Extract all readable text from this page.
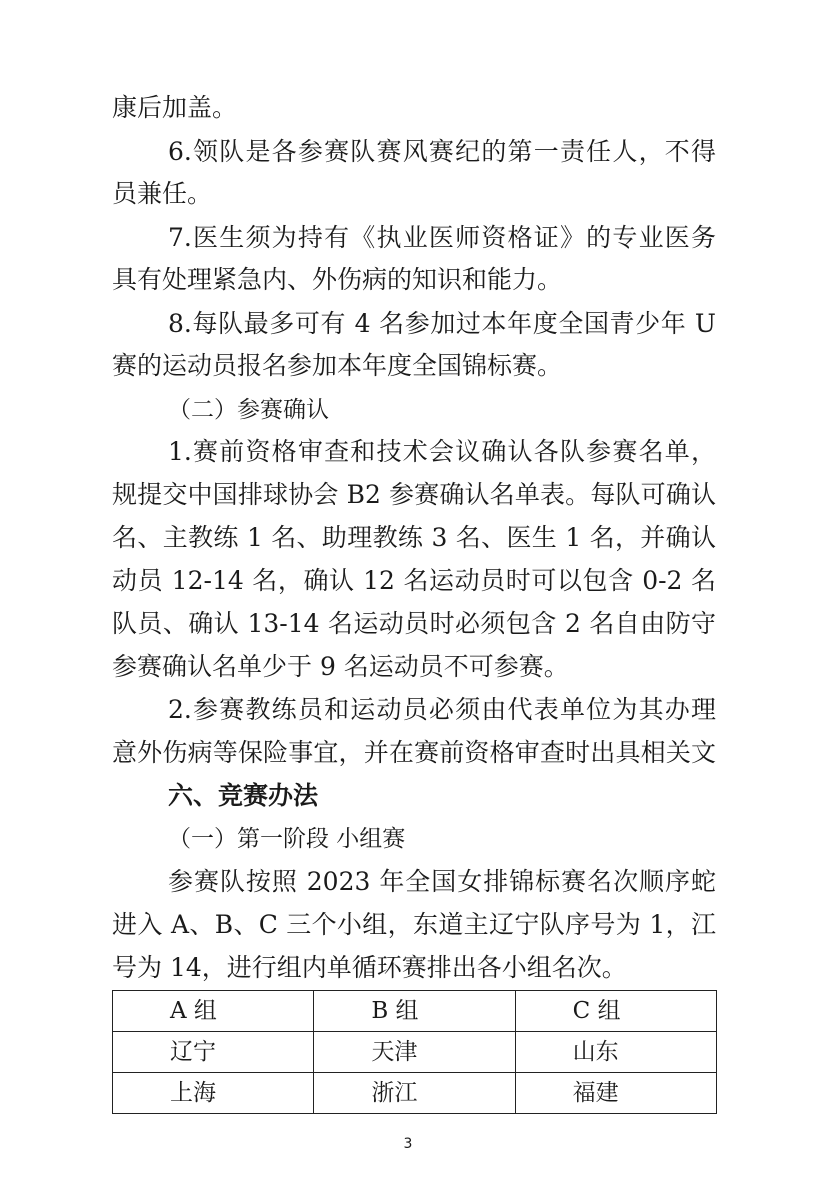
康后加盖。

6.领队是各参赛队赛风赛纪的第一责任人，不得

员兼任。

7.医生须为持有《执业医师资格证》的专业医务

具有处理紧急内、外伤病的知识和能力。

8.每队最多可有 4 名参加过本年度全国青少年 U

赛的运动员报名参加本年度全国锦标赛。

（二）参赛确认

1.赛前资格审查和技术会议确认各队参赛名单，

规提交中国排球协会 B2 参赛确认名单表。每队可确认

名、主教练 1 名、助理教练 3 名、医生 1 名，并确认

动员 12-14 名，确认 12 名运动员时可以包含 0-2 名

队员、确认 13-14 名运动员时必须包含 2 名自由防守

参赛确认名单少于 9 名运动员不可参赛。

2.参赛教练员和运动员必须由代表单位为其办理

意外伤病等保险事宜，并在赛前资格审查时出具相关文

六、竞赛办法

（一）第一阶段 小组赛

参赛队按照 2023 年全国女排锦标赛名次顺序蛇

进入 A、B、C 三个小组，东道主辽宁队序号为 1，江

号为 14，进行组内单循环赛排出各小组名次。

A 组	B 组	C 组
辽宁	天津	山东
上海	浙江	福建
3
